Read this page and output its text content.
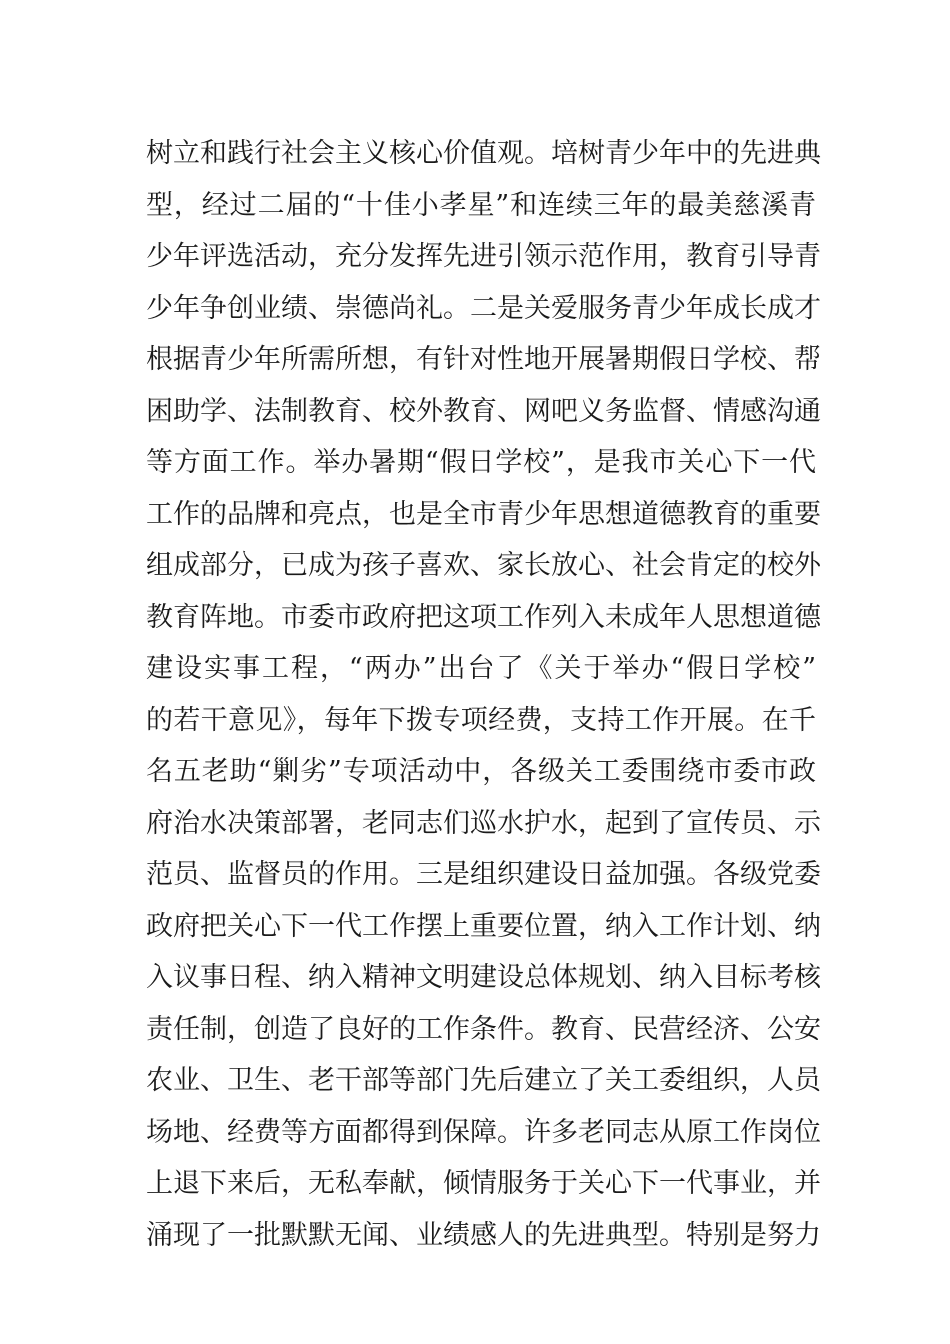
树立和践行社会主义核心价值观。培树青少年中的先进典
型，经过二届的“十佳小孝星”和连续三年的最美慈溪青
少年评选活动，充分发挥先进引领示范作用，教育引导青
少年争创业绩、崇德尚礼。二是关爱服务青少年成长成才
根据青少年所需所想，有针对性地开展暑期假日学校、帮
困助学、法制教育、校外教育、网吧义务监督、情感沟通
等方面工作。举办暑期“假日学校”，是我市关心下一代
工作的品牌和亮点，也是全市青少年思想道德教育的重要
组成部分，已成为孩子喜欢、家长放心、社会肯定的校外
教育阵地。市委市政府把这项工作列入未成年人思想道德
建设实事工程，“两办”出台了《关于举办“假日学校”
的若干意见》，每年下拨专项经费，支持工作开展。在千
名五老助“剿劣”专项活动中，各级关工委围绕市委市政
府治水决策部署，老同志们巡水护水，起到了宣传员、示
范员、监督员的作用。三是组织建设日益加强。各级党委
政府把关心下一代工作摆上重要位置，纳入工作计划、纳
入议事日程、纳入精神文明建设总体规划、纳入目标考核
责任制，创造了良好的工作条件。教育、民营经济、公安
农业、卫生、老干部等部门先后建立了关工委组织，人员
场地、经费等方面都得到保障。许多老同志从原工作岗位
上退下来后，无私奉献，倾情服务于关心下一代事业，并
涌现了一批默默无闻、业绩感人的先进典型。特别是努力
